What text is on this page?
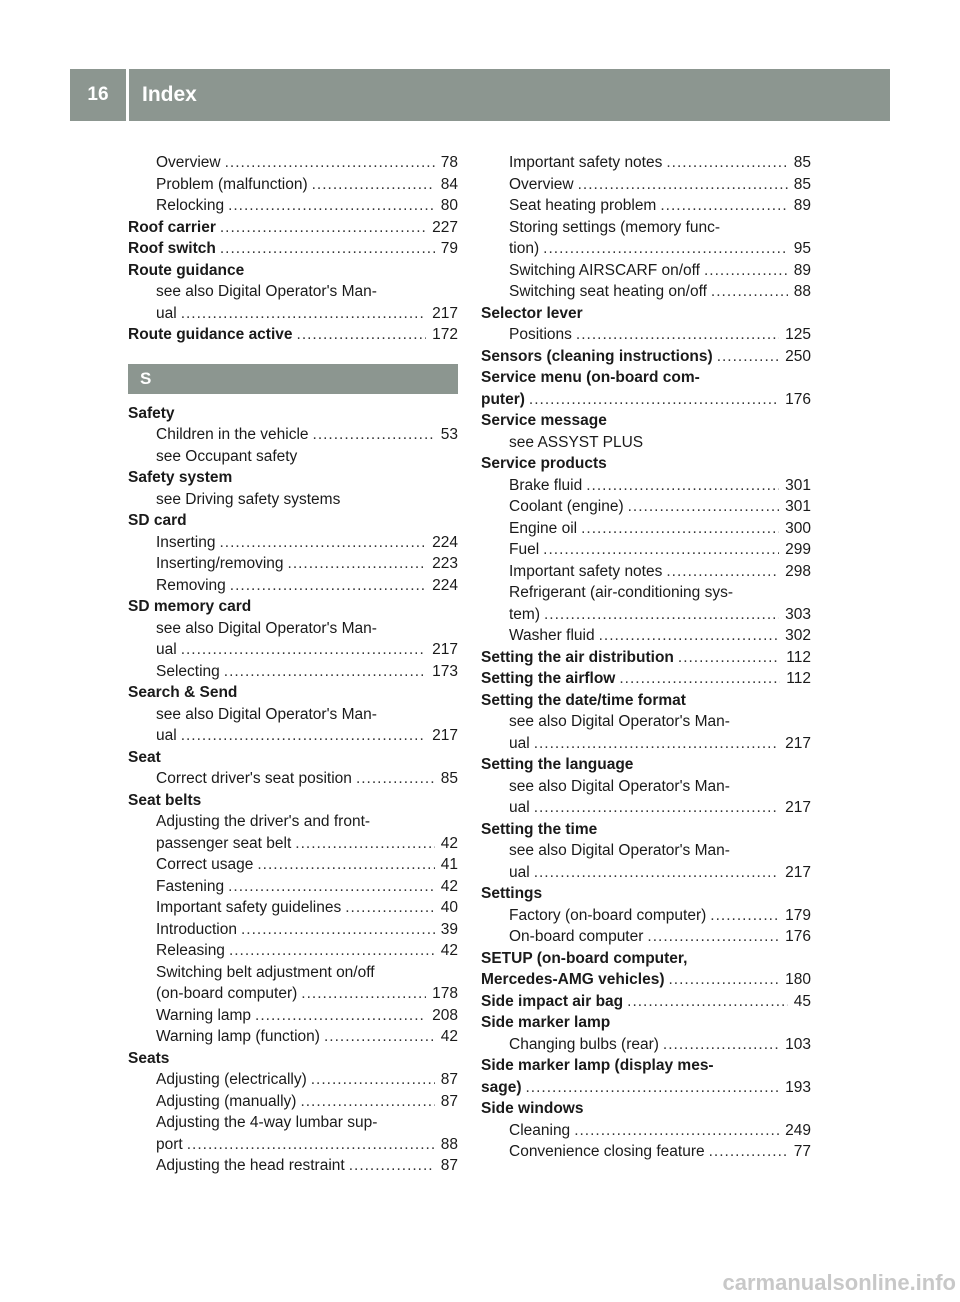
16	Index
Overview .....	78
Problem (malfunction) .....	84
Relocking .....	80
Roof carrier .....	227
Roof switch .....	79
Route guidance
see also Digital Operator's Man-
ual .....	217
Route guidance active .....	172
S
Safety
Children in the vehicle .....	53
see Occupant safety
Safety system
see Driving safety systems
SD card
Inserting .....	224
Inserting/removing .....	223
Removing .....	224
SD memory card
see also Digital Operator's Man-
ual .....	217
Selecting .....	173
Search & Send
see also Digital Operator's Man-
ual .....	217
Seat
Correct driver's seat position .....	85
Seat belts
Adjusting the driver's and front-
passenger seat belt .....	42
Correct usage .....	41
Fastening .....	42
Important safety guidelines .....	40
Introduction .....	39
Releasing .....	42
Switching belt adjustment on/off
(on-board computer) .....	178
Warning lamp .....	208
Warning lamp (function) .....	42
Seats
Adjusting (electrically) .....	87
Adjusting (manually) .....	87
Adjusting the 4-way lumbar sup-
port .....	88
Adjusting the head restraint .....	87
Important safety notes .....	85
Overview .....	85
Seat heating problem .....	89
Storing settings (memory func-
tion) .....	95
Switching AIRSCARF on/off .....	89
Switching seat heating on/off .....	88
Selector lever
Positions .....	125
Sensors (cleaning instructions) .....	250
Service menu (on-board com-
puter) .....	176
Service message
see ASSYST PLUS
Service products
Brake fluid .....	301
Coolant (engine) .....	301
Engine oil .....	300
Fuel .....	299
Important safety notes .....	298
Refrigerant (air-conditioning sys-
tem) .....	303
Washer fluid .....	302
Setting the air distribution .....	112
Setting the airflow .....	112
Setting the date/time format
see also Digital Operator's Man-
ual .....	217
Setting the language
see also Digital Operator's Man-
ual .....	217
Setting the time
see also Digital Operator's Man-
ual .....	217
Settings
Factory (on-board computer) .....	179
On-board computer .....	176
SETUP (on-board computer,
Mercedes-AMG vehicles) .....	180
Side impact air bag .....	45
Side marker lamp
Changing bulbs (rear) .....	103
Side marker lamp (display mes-
sage) .....	193
Side windows
Cleaning .....	249
Convenience closing feature .....	77
carmanualsonline.info
